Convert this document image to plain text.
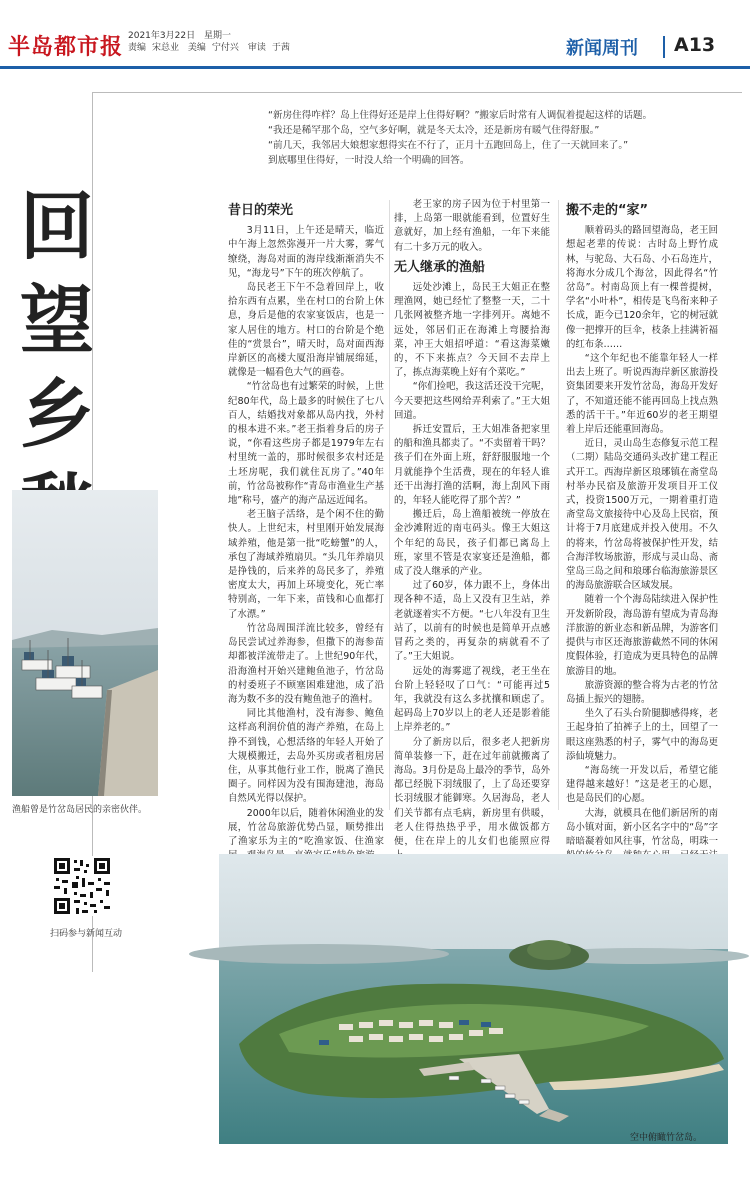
半岛都市报 2021年3月22日 星期一
责编 宋总业 美编 宁付兴 审读 于茜	新闻周刊 A13

“新房住得咋样？岛上住得好还是岸上住得好啊？”搬家后时常有人调侃着提起这样的话题。

“我还是稀罕那个岛，空气多好啊，就是冬天太冷，还是新房有暖气住得舒服。”

“前几天，我邻居大娘想家想得实在不行了，正月十五跑回岛上，住了一天就回来了。”

到底哪里住得好，一时没人给一个明确的回答。

回
望
乡
昔日的荣光

3月11日，上午还是晴天，临近中午海上忽然弥漫开一片大雾，雾气缭绕，海岛对面的海岸线渐渐消失不见，“海龙号”下午的班次停航了。

岛民老王下午不急着回岸上，收拾东西有点累，坐在村口的台阶上休息，身后是他的农家宴饭店，也是一家人居住的地方。村口的台阶是个绝佳的“赏景台”，晴天时，岛对面西海岸新区的高楼大厦沿海岸铺展绵延，就像是一幅看色大气的画卷。

“竹岔岛也有过繁荣的时候，上世纪80年代，岛上最多的时候住了七八百人，结婚找对象都从岛内找，外村的根本进不来。”老王指着身后的房子说，“你看这些房子都是1979年左右村里统一盖的，那时候很多农村还是土坯房呢，我们就住瓦房了。”40年前，竹岔岛被称作“青岛市渔业生产基地”称号，盛产的海产品远近闻名。

老王脑子活络，是个闲不住的勤快人。上世纪末，村里刚开始发展海域养殖，他是第一批“吃螃蟹”的人，承包了海域养殖扇贝。“头几年养扇贝是挣钱的，后来养的岛民多了，养殖密度太大，再加上环境变化，死亡率特别高，一年下来，苗钱和心血都打了水漂。”

竹岔岛周围洋流比较多，曾经有岛民尝试过养海参，但撒下的海参苗却都被洋流带走了。上世纪90年代，沿海渔村开始兴建鲍鱼池子，竹岔岛的村委班子不顾塞困难建池，成了沿海为数不多的没有鲍鱼池子的渔村。

同比其他渔村，没有海参、鲍鱼这样高利润价值的海产养殖，在岛上挣不到钱，心想活络的年轻人开始了大规模搬迁，去岛外买房或者租房居住，从事其他行业工作，脱离了渔民圈子。同样因为没有围海建池，海岛自然风光得以保护。

2000年以后，随着休闲渔业的发展，竹岔岛旅游优势凸显，顺势推出了渔家乐为主的“吃渔家饭、住渔家

老王家的房子因为位于村里第一排，上岛第一眼就能看到，位置好生意就好，加上经有渔船，一年下来能有二十多万元的收入。

无人继承的渔船

远处沙滩上，岛民王大姐正在整理渔网，她已经忙了整整一天，二十几张网被整齐地一字排列开。离她不远处，邻居们正在海滩上弯腰拾海菜，冲王大姐招呼道：“看这海菜嫩的，不下来拣点？今天回不去岸上了，拣点海菜晚上好有个菜吃。”

“你们捡吧，我这活还没干完呢，今天要把这些网给弄利索了。”王大姐回道。

拆迁安置后，王大姐准备把家里的船和渔具都卖了。“不卖留着干吗？孩子们在外面上班，舒舒服服地一个月就能挣个生活费，现在的年轻人谁还干出海打渔的活啊，海上刮风下雨的，年轻人能吃得了那个苦？”

搬迁后，岛上渔船被统一停放在金沙滩附近的南屯码头。像王大姐这个年纪的岛民，孩子们都已离岛上班，家里不管是农家宴还是渔船，都成了没人继承的产业。

过了60岁，体力跟不上，身体出现各种不适，岛上又没有卫生站，养老就逐着实不方便。“七八年没有卫生站了，以前有的时候也是简单开点感冒药之类的，再复杂的病就看不了了。”王大姐说。

远处的海雾遮了视线，老王坐在台阶上轻轻叹了口气：“可能再过5年，我就没有这么多扰攘和顾虑了。起码岛上70岁以上的老人还是影着能上岸养老的。”

分了新房以后，很多老人把新房简单装修一下，赶在过年前就搬离了海岛。3月份是岛上最冷的季节，岛外都已经脱下羽绒服了，上了岛还要穿长羽绒服才能御寒。久居海岛，老人们关节都有点毛病，新房里有供暖，老人住得热热乎乎，用水做饭都方便，住在岸上的儿女们也能照应得

搬不走的“家”

顺着码头的路回望海岛，老王回想起老辈的传说：古时岛上野竹成林，与驼岛、大石岛、小石岛连片，将海水分成几个海岔，因此得名“竹岔岛”。村南岛顶上有一棵普提树，学名“小叶朴”，相传是飞鸟衔来种子长成，距今已120余年，它的树冠就像一把撑开的巨伞，枝条上挂满祈福的红布条……

“这个年纪也不能靠年轻人一样出去上班了。听说西海岸新区旅游投资集团要来开发竹岔岛，海岛开发好了，不知道还能不能再回岛上找点熟悉的活干干。”年近60岁的老王期望着上岸后还能重回海岛。

近日，灵山岛生态修复示范工程（二期）陆岛交通码头改扩建工程正式开工。西海岸新区琅琊镇在斋堂岛村举办民宿及旅游开发项目开工仪式，投资1500万元，一期着重打造斋堂岛文旅接待中心及岛上民宿，预计将于7月底建成并投入使用。不久的将来，竹岔岛将被保护性开发，结合海洋牧场旅游，形成与灵山岛、斋堂岛三岛之间和琅琊台临海旅游景区的海岛旅游联合区域发展。

随着一个个海岛陆续进入保护性开发新阶段，海岛游有望成为青岛海洋旅游的新业态和新品牌，为游客们提供与市区还海旅游截然不同的休闲度假体验，打造成为更具特色的品牌旅游目的地。

旅游资源的整合将为古老的竹岔岛插上振兴的翅膀。

坐久了石头台阶腿脚感得疼，老王起身拍了拍裤子上的土，回望了一眼这座熟悉的村子，雾气中的海岛更添仙境魅力。

“海岛统一开发以后，希望它能建得越来越好！”这是老王的心愿，也是岛民们的心愿。

大海，就模具在他们新居所的南岛小镇对面，新小区名字中的“岛”字暗暗凝着如风往事，竹岔岛，明珠一

渔船曾是竹岔岛居民的亲密伙伴。
扫码参与新闻互动
空中俯瞰竹岔岛。
